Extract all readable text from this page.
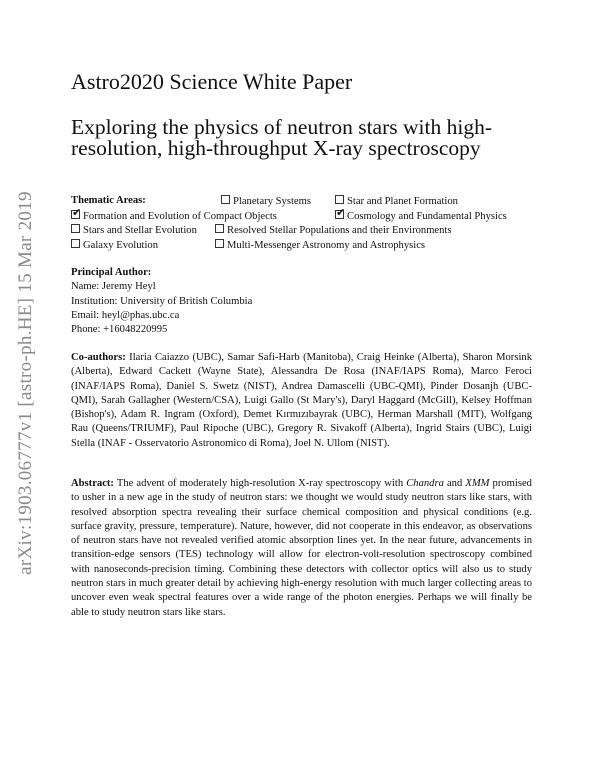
arXiv:1903.06777v1 [astro-ph.HE] 15 Mar 2019
Astro2020 Science White Paper
Exploring the physics of neutron stars with high-resolution, high-throughput X-ray spectroscopy
Thematic Areas:	Planetary Systems	Star and Planet Formation
✔Formation and Evolution of Compact Objects
✔	Cosmology and Fundamental Physics
Stars and Stellar Evolution	Resolved Stellar Populations and their Environments
Galaxy Evolution	Multi-Messenger Astronomy and Astrophysics
Principal Author:
Name: Jeremy Heyl
Institution: University of British Columbia
Email: heyl@phas.ubc.ca
Phone: +16048220995
Co-authors: Ilaria Caiazzo (UBC), Samar Safi-Harb (Manitoba), Craig Heinke (Alberta), Sharon Morsink (Alberta), Edward Cackett (Wayne State), Alessandra De Rosa (INAF/IAPS Roma), Marco Feroci (INAF/IAPS Roma), Daniel S. Swetz (NIST), Andrea Damascelli (UBC-QMI), Pinder Dosanjh (UBC-QMI), Sarah Gallagher (Western/CSA), Luigi Gallo (St Mary's), Daryl Haggard (McGill), Kelsey Hoffman (Bishop's), Adam R. Ingram (Oxford), Demet Kırmızıbayrak (UBC), Herman Marshall (MIT), Wolfgang Rau (Queens/TRIUMF), Paul Ripoche (UBC), Gregory R. Sivakoff (Alberta), Ingrid Stairs (UBC), Luigi Stella (INAF - Osservatorio Astronomico di Roma), Joel N. Ullom (NIST).
Abstract: The advent of moderately high-resolution X-ray spectroscopy with Chandra and XMM promised to usher in a new age in the study of neutron stars: we thought we would study neutron stars like stars, with resolved absorption spectra revealing their surface chemical composition and physical conditions (e.g. surface gravity, pressure, temperature). Nature, however, did not cooperate in this endeavor, as observations of neutron stars have not revealed verified atomic absorption lines yet. In the near future, advancements in transition-edge sensors (TES) technology will allow for electron-volt-resolution spectroscopy combined with nanoseconds-precision timing. Combining these detectors with collector optics will also us to study neutron stars in much greater detail by achieving high-energy resolution with much larger collecting areas to uncover even weak spectral features over a wide range of the photon energies. Perhaps we will finally be able to study neutron stars like stars.
